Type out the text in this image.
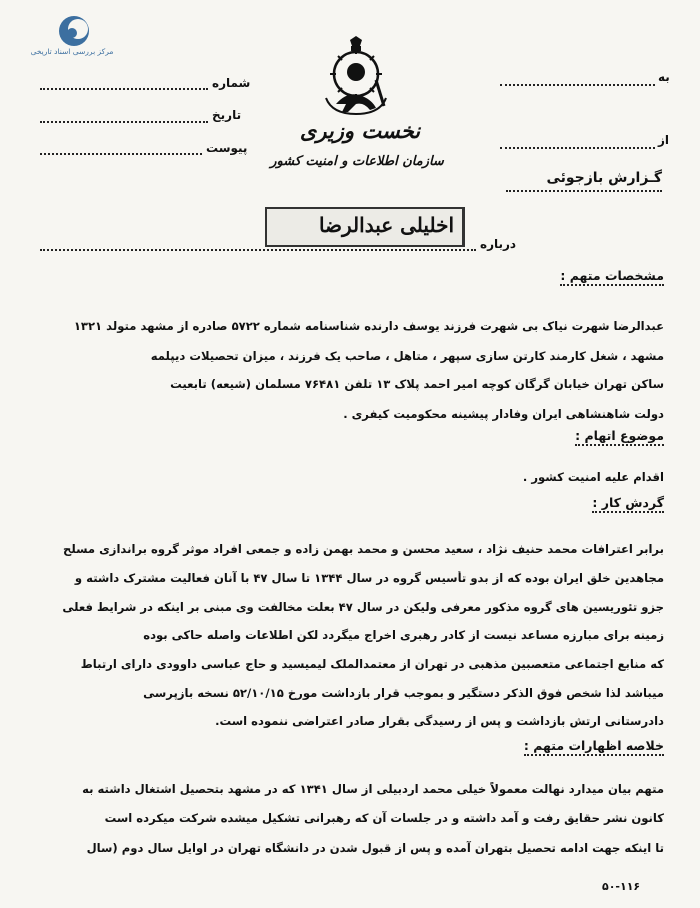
مرکز بررسی اسناد تاریخی
شماره
تاریخ
پیوست
به
از
نخست وزیری
سازمان اطلاعات و امنیت کشور
گـزارش بازجوئی
درباره
اخلیلی عبدالرضا
مشخصات متهم :
عبدالرضا شهرت نیاک بی شهرت فرزند یوسف دارنده شناسنامه شماره ۵۷۲۲ صادره از مشهد متولد ۱۳۲۱
مشهد ، شغل کارمند کارتن سازی سپهر ، متاهل ، صاحب یک فرزند ، میزان تحصیلات دیپلمه
ساکن تهران خیابان گرگان کوچه امیر احمد پلاک ۱۳ تلفن ۷۶۴۸۱ مسلمان (شیعه) تابعیت
دولت شاهنشاهی ایران وفادار پیشینه محکومیت کیفری .
موضوع اتهام :
اقدام علیه امنیت کشور .
گردش کار :
برابر اعترافات محمد حنیف نژاد ، سعید محسن و محمد بهمن زاده و جمعی افراد موثر گروه براندازی مسلح
مجاهدین خلق ایران بوده که از بدو تأسیس گروه در سال ۱۳۴۴ تا سال ۴۷ با آنان فعالیت مشترک داشته و
جزو تئوریسین های گروه مذکور معرفی ولیکن در سال ۴۷ بعلت مخالفت وی مبنی بر اینکه در شرایط فعلی
زمینه برای مبارزه مساعد نیست از کادر رهبری اخراج میگردد لکن اطلاعات واصله حاکی بوده
که منابع اجتماعی متعصبین مذهبی در تهران از معتمدالملک لیمیسید و حاج عباسی داوودی دارای ارتباط
میباشد لذا شخص فوق الذکر دستگیر و بموجب قرار بازداشت مورخ ۵۲/۱۰/۱۵ نسخه بازپرسی
دادرستانی ارتش بازداشت و پس از رسیدگی بقرار صادر اعتراضی ننموده است.
خلاصه اظهارات متهم :
متهم بیان میدارد نهالت معمولاً خیلی محمد اردبیلی از سال ۱۳۴۱ که در مشهد بتحصیل اشتغال داشته به
کانون نشر حقایق رفت و آمد داشته و در جلسات آن که رهبرانی تشکیل میشده شرکت میکرده است
تا اینکه جهت ادامه تحصیل بتهران آمده و پس از قبول شدن در دانشگاه تهران در اوایل سال دوم (سال
۵۰-۱۱۶
